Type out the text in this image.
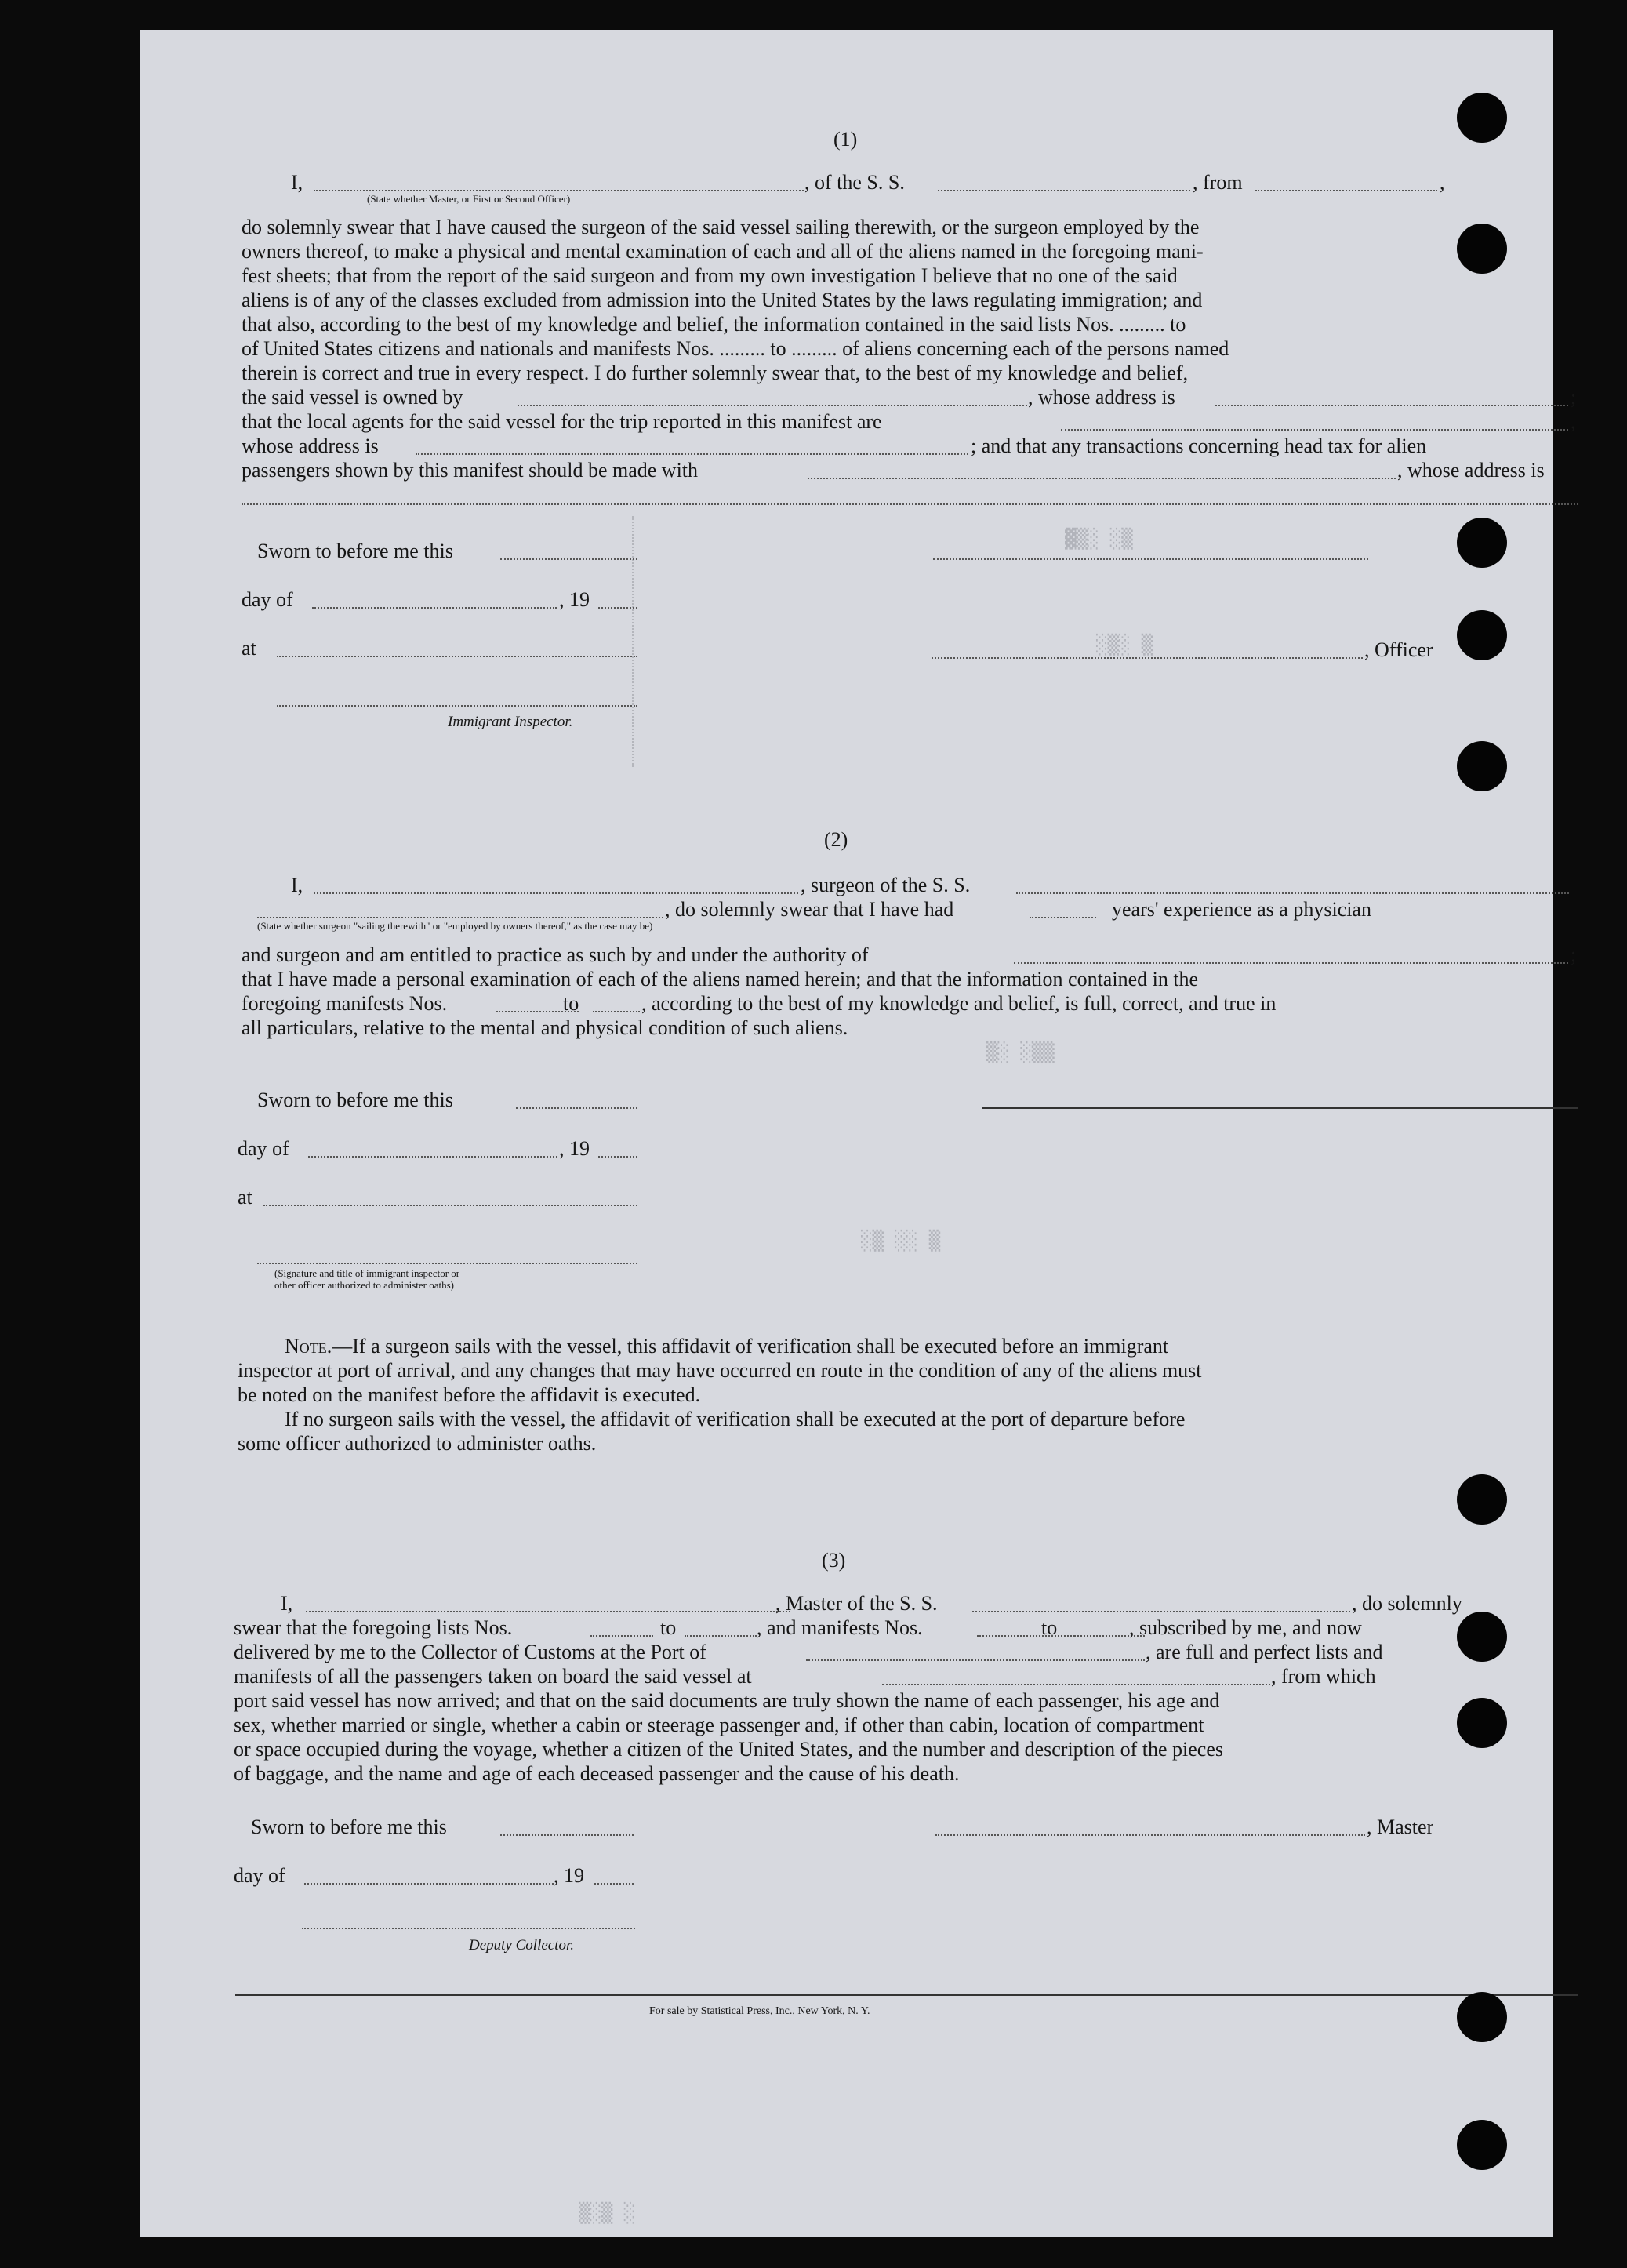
▓▒░ ░▒
░▒░ ▒
▒░ ░▒▒
░▒ ░░ ▒
▒░▒ ░
(1)
I,	, of the S. S.	, from	,
(State whether Master, or First or Second Officer)
do solemnly swear that I have caused the surgeon of the said vessel sailing therewith, or the surgeon employed by the
owners thereof, to make a physical and mental examination of each and all of the aliens named in the foregoing mani-
fest sheets; that from the report of the said surgeon and from my own investigation I believe that no one of the said
aliens is of any of the classes excluded from admission into the United States by the laws regulating immigration; and
that also, according to the best of my knowledge and belief, the information contained in the said lists Nos. ......... to
of United States citizens and nationals and manifests Nos. ......... to ......... of aliens concerning each of the persons named
therein is correct and true in every respect. I do further solemnly swear that, to the best of my knowledge and belief,
the said vessel is owned by	, whose address is	;
that the local agents for the said vessel for the trip reported in this manifest are	,
whose address is	; and that any transactions concerning head tax for alien
passengers shown by this manifest should be made with	, whose address is
Sworn to before me this
day of	, 19
, Officer
at
Immigrant Inspector.
(2)
I,	, surgeon of the S. S.
, do solemnly swear that I have had	years' experience as a physician
(State whether surgeon "sailing therewith" or "employed by owners thereof," as the case may be)
and surgeon and am entitled to practice as such by and under the authority of	;
that I have made a personal examination of each of the aliens named herein; and that the information contained in the
foregoing manifests Nos.	to	, according to the best of my knowledge and belief, is full, correct, and true in
all particulars, relative to the mental and physical condition of such aliens.
Sworn to before me this
day of	, 19
at
(Signature and title of immigrant inspector or
other officer authorized to administer oaths)
Note.—If a surgeon sails with the vessel, this affidavit of verification shall be executed before an immigrant
inspector at port of arrival, and any changes that may have occurred en route in the condition of any of the aliens must
be noted on the manifest before the affidavit is executed.
If no surgeon sails with the vessel, the affidavit of verification shall be executed at the port of departure before
some officer authorized to administer oaths.
(3)
I,	, Master of the S. S.	, do solemnly
swear that the foregoing lists Nos.	to	, and manifests Nos.	to	, subscribed by me, and now
delivered by me to the Collector of Customs at the Port of	, are full and perfect lists and
manifests of all the passengers taken on board the said vessel at	, from which
port said vessel has now arrived; and that on the said documents are truly shown the name of each passenger, his age and
sex, whether married or single, whether a cabin or steerage passenger and, if other than cabin, location of compartment
or space occupied during the voyage, whether a citizen of the United States, and the number and description of the pieces
of baggage, and the name and age of each deceased passenger and the cause of his death.
Sworn to before me this	, Master
day of	, 19
Deputy Collector.
For sale by Statistical Press, Inc., New York, N. Y.
